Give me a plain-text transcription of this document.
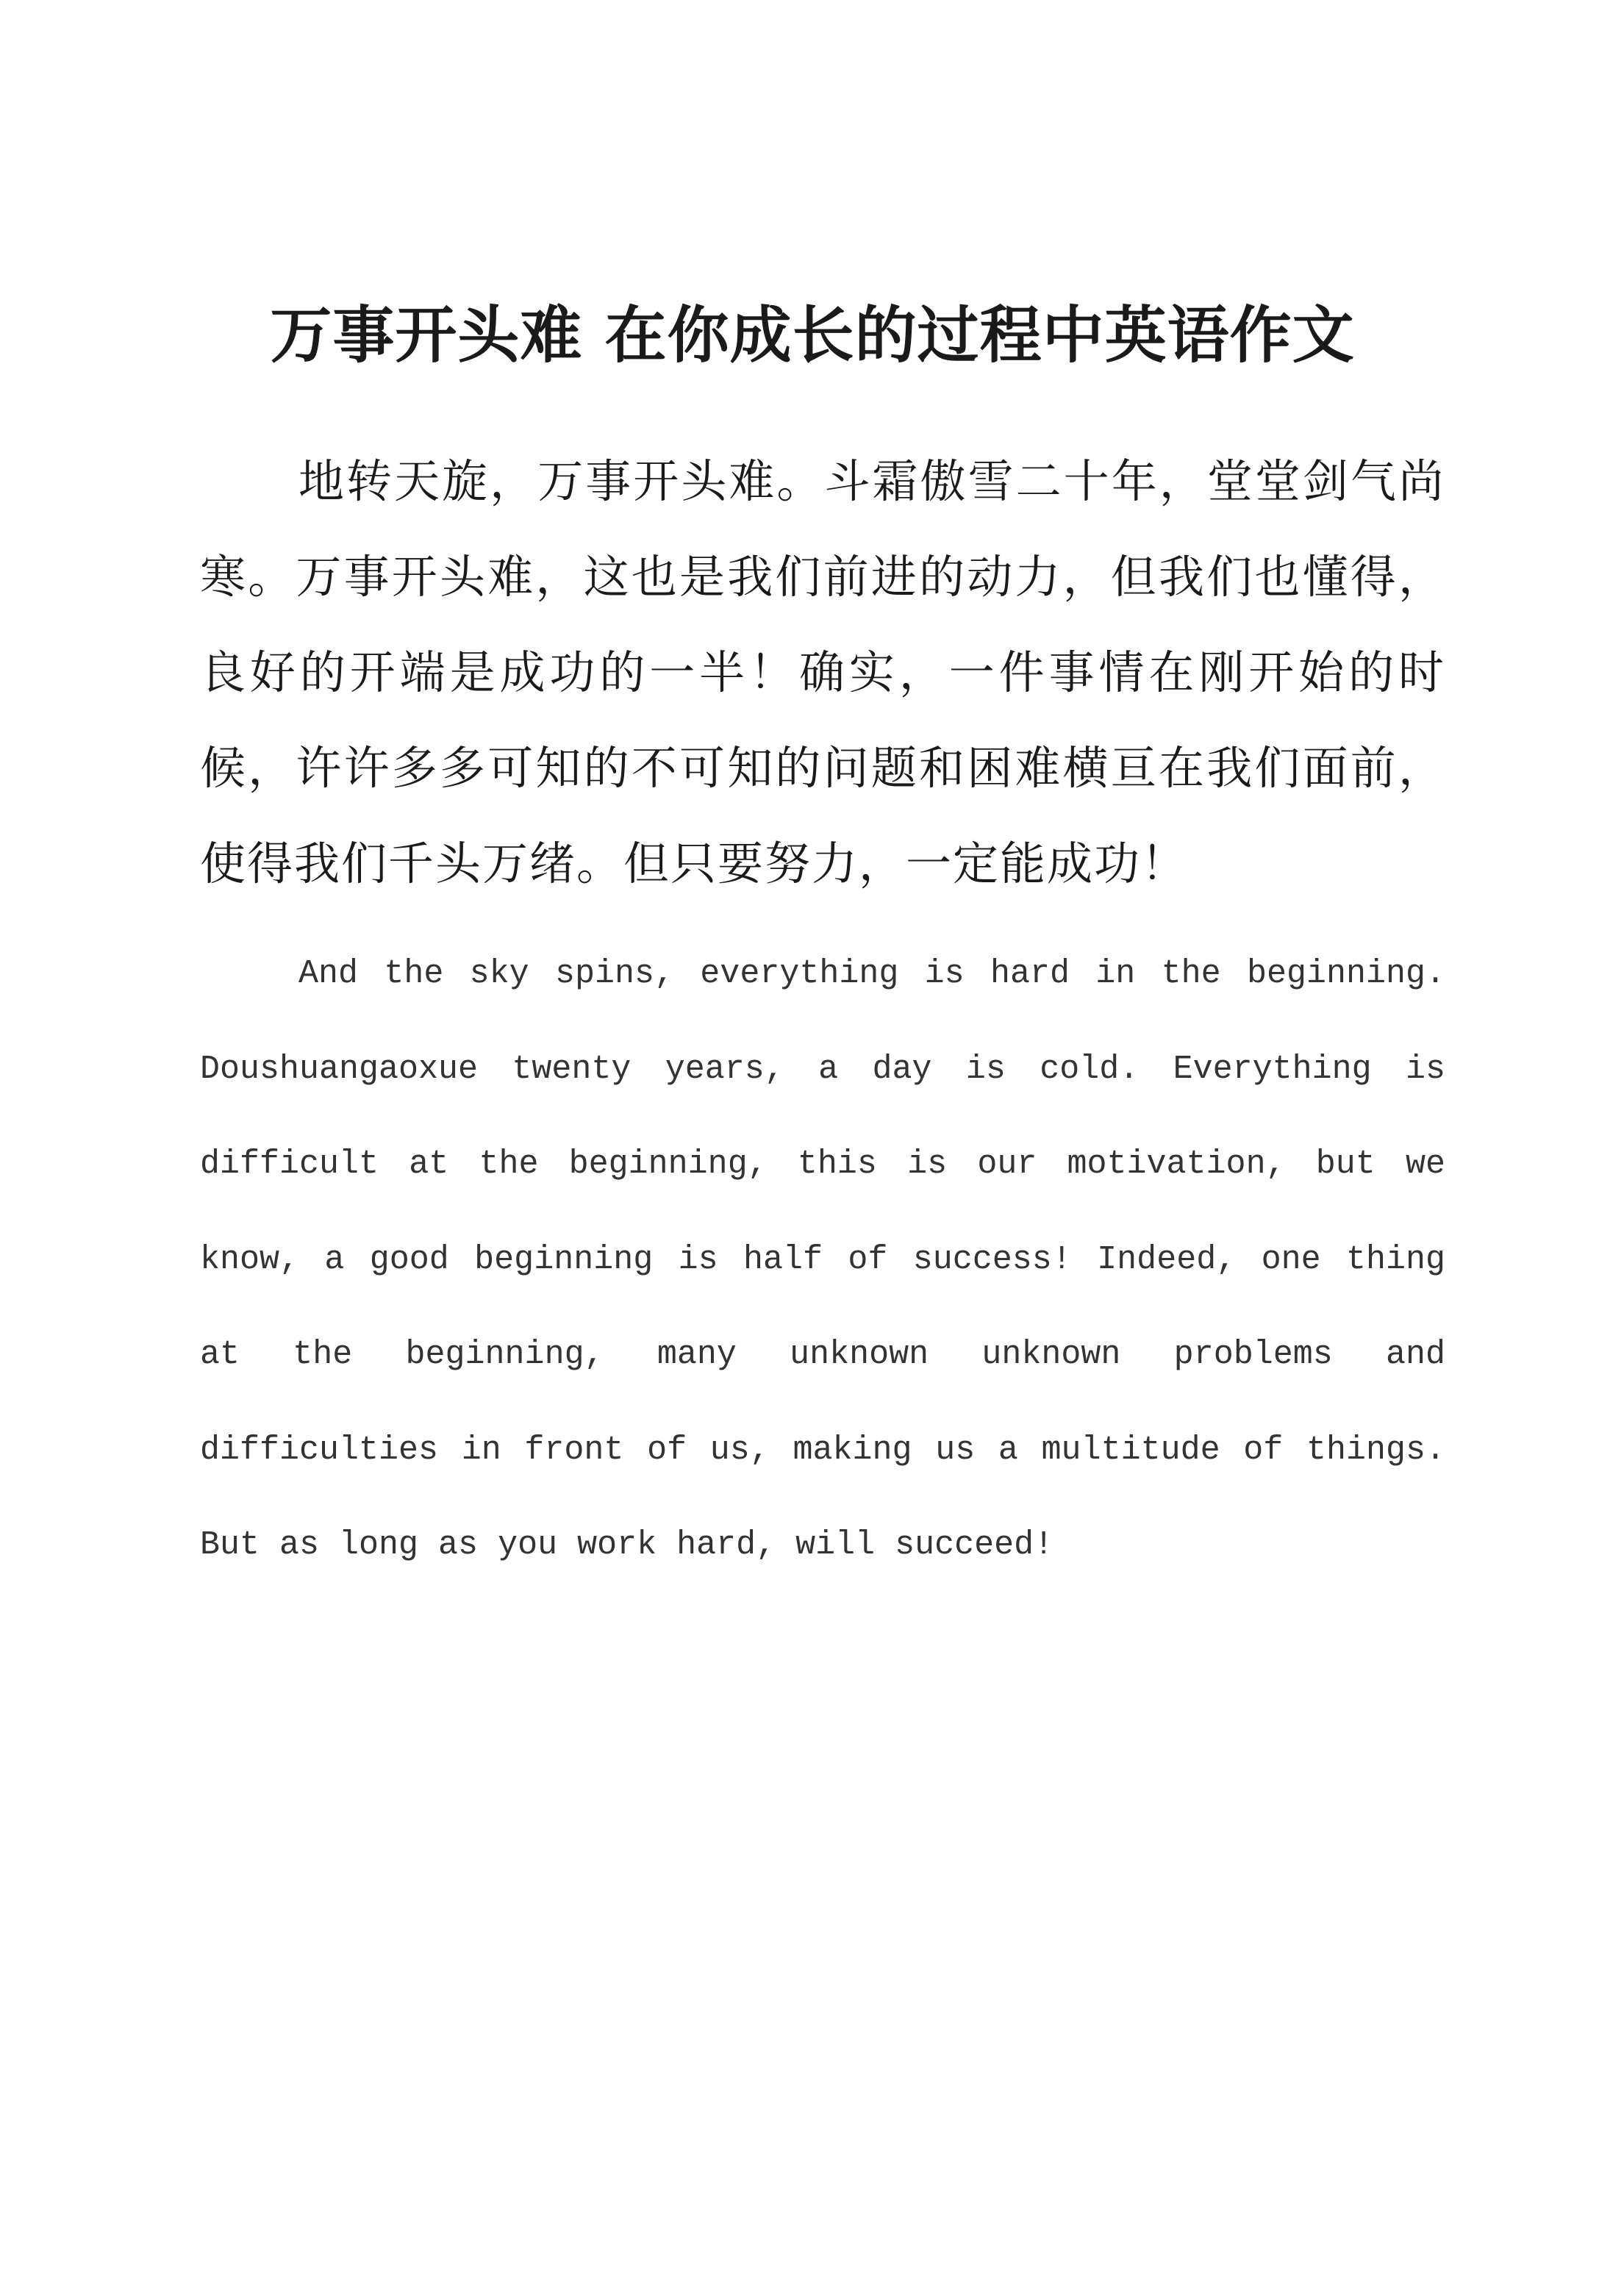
万事开头难 在你成长的过程中英语作文

地转天旋，万事开头难。斗霜傲雪二十年，堂堂剑气尚寒。万事开头难，这也是我们前进的动力，但我们也懂得，良好的开端是成功的一半！确实，一件事情在刚开始的时候，许许多多可知的不可知的问题和困难横亘在我们面前，使得我们千头万绪。但只要努力，一定能成功！

And the sky spins, everything is hard in the beginning. Doushuangaoxue twenty years, a day is cold. Everything is difficult at the beginning, this is our motivation, but we know, a good beginning is half of success! Indeed, one thing at the beginning, many unknown unknown problems and difficulties in front of us, making us a multitude of things. But as long as you work hard, will succeed!
